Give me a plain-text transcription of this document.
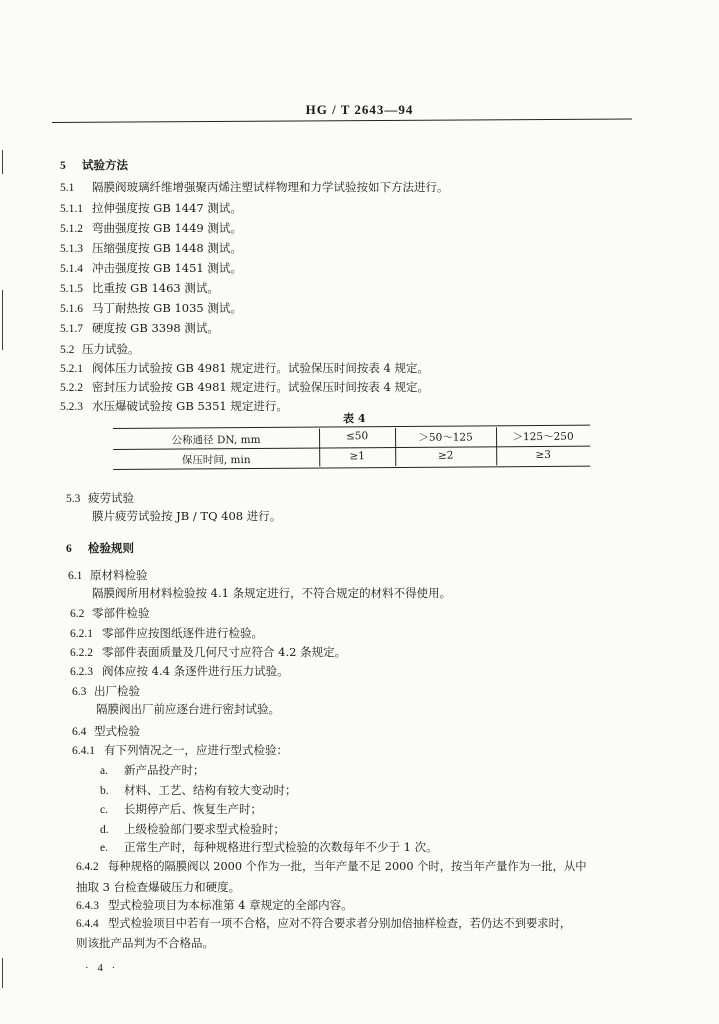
HG / T 2643—94
5 试验方法
5.1 隔膜阀玻璃纤维增强聚丙烯注塑试样物理和力学试验按如下方法进行。
5.1.1 拉伸强度按 GB 1447 测试。
5.1.2 弯曲强度按 GB 1449 测试。
5.1.3 压缩强度按 GB 1448 测试。
5.1.4 冲击强度按 GB 1451 测试。
5.1.5 比重按 GB 1463 测试。
5.1.6 马丁耐热按 GB 1035 测试。
5.1.7 硬度按 GB 3398 测试。
5.2 压力试验。
5.2.1 阀体压力试验按 GB 4981 规定进行。试验保压时间按表 4 规定。
5.2.2 密封压力试验按 GB 4981 规定进行。试验保压时间按表 4 规定。
5.2.3 水压爆破试验按 GB 5351 规定进行。
表 4
公称通径 DN, mm	≤50	＞50～125	＞125～250
保压时间, min	≥1	≥2	≥3
5.3 疲劳试验
膜片疲劳试验按 JB / TQ 408 进行。
6 检验规则
6.1 原材料检验
隔膜阀所用材料检验按 4.1 条规定进行，不符合规定的材料不得使用。
6.2 零部件检验
6.2.1 零部件应按图纸逐件进行检验。
6.2.2 零部件表面质量及几何尺寸应符合 4.2 条规定。
6.2.3 阀体应按 4.4 条逐件进行压力试验。
6.3 出厂检验
隔膜阀出厂前应逐台进行密封试验。
6.4 型式检验
6.4.1 有下列情况之一，应进行型式检验：
a. 新产品投产时；
b. 材料、工艺、结构有较大变动时；
c. 长期停产后、恢复生产时；
d. 上级检验部门要求型式检验时；
e. 正常生产时，每种规格进行型式检验的次数每年不少于 1 次。
6.4.2 每种规格的隔膜阀以 2000 个作为一批，当年产量不足 2000 个时，按当年产量作为一批，从中
抽取 3 台检查爆破压力和硬度。
6.4.3 型式检验项目为本标准第 4 章规定的全部内容。
6.4.4 型式检验项目中若有一项不合格，应对不符合要求者分别加倍抽样检查，若仍达不到要求时，
则该批产品判为不合格品。
· 4 ·
